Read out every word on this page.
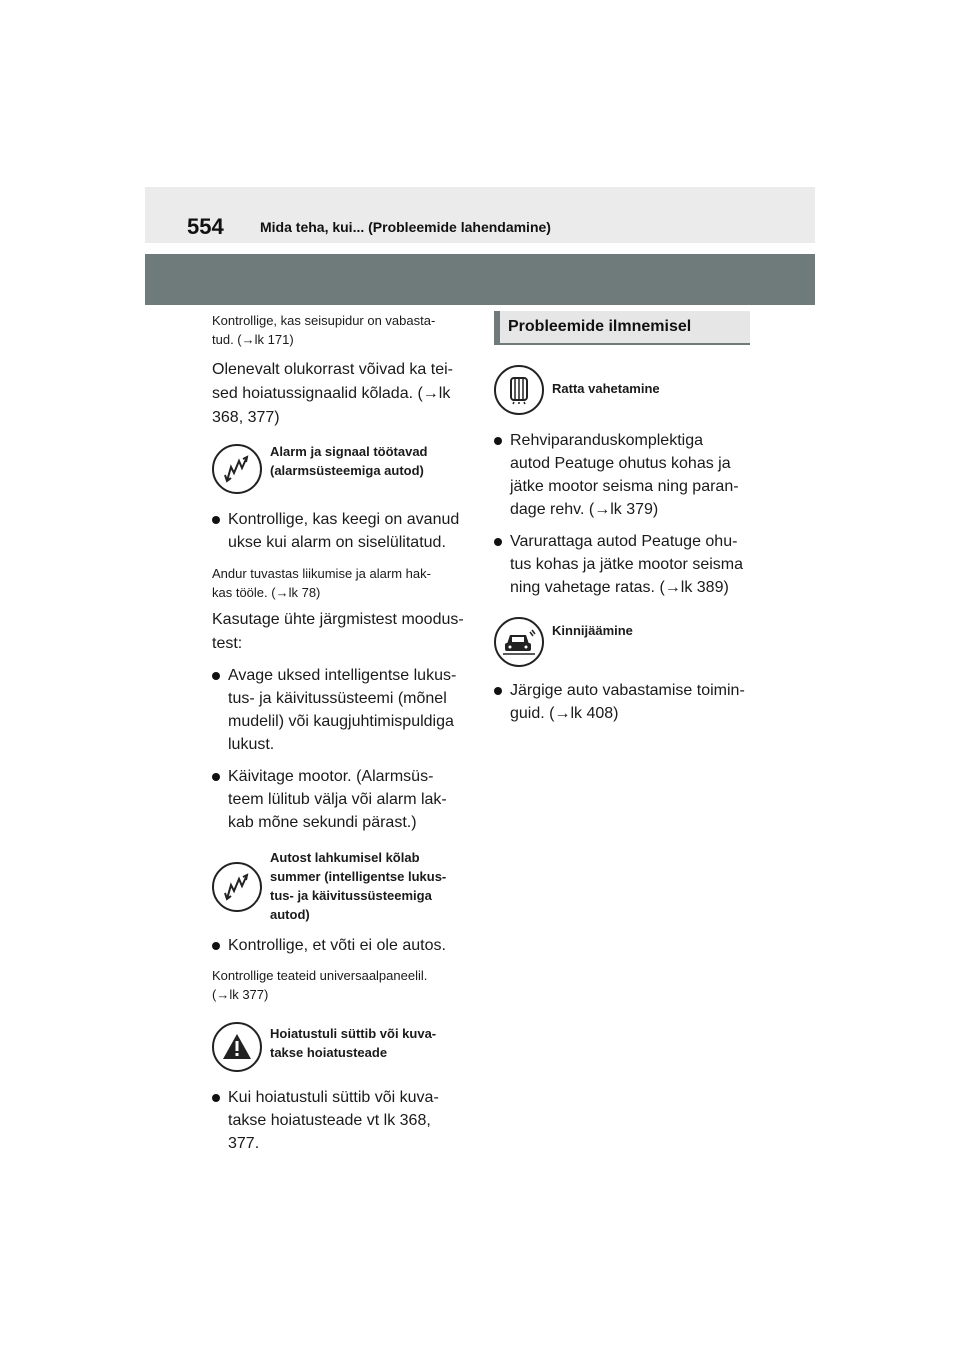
554	Mida teha, kui... (Probleemide lahendamine)

Kontrollige, kas seisupidur on vabasta-
tud. (→lk 171)

Olenevalt olukorrast võivad ka tei-
sed hoiatussignaalid kõlada. (→lk
368, 377)

Alarm ja signaal töötavad
(alarmsüsteemiga autod)

Kontrollige, kas keegi on avanud
ukse kui alarm on siselülitatud.

Andur tuvastas liikumise ja alarm hak-
kas tööle. (→lk 78)

Kasutage ühte järgmistest moodus-
test:

Avage uksed intelligentse lukus-
tus- ja käivitussüsteemi (mõnel
mudelil) või kaugjuhtimispuldiga
lukust.

Käivitage mootor. (Alarmsüs-
teem lülitub välja või alarm lak-
kab mõne sekundi pärast.)

Autost lahkumisel kõlab
summer (intelligentse lukus-
tus- ja käivitussüsteemiga
autod)

Kontrollige, et võti ei ole autos.

Kontrollige teateid universaalpaneelil.
(→lk 377)

Hoiatustuli süttib või kuva-
takse hoiatusteade

Kui hoiatustuli süttib või kuva-
takse hoiatusteade vt lk 368,
377.

Probleemide ilmnemisel
Ratta vahetamine

Rehviparanduskomplektiga
autod Peatuge ohutus kohas ja
jätke mootor seisma ning paran-
dage rehv. (→lk 379)

Varurattaga autod Peatuge ohu-
tus kohas ja jätke mootor seisma
ning vahetage ratas. (→lk 389)

Kinnijäämine

Järgige auto vabastamise toimin-
guid. (→lk 408)
